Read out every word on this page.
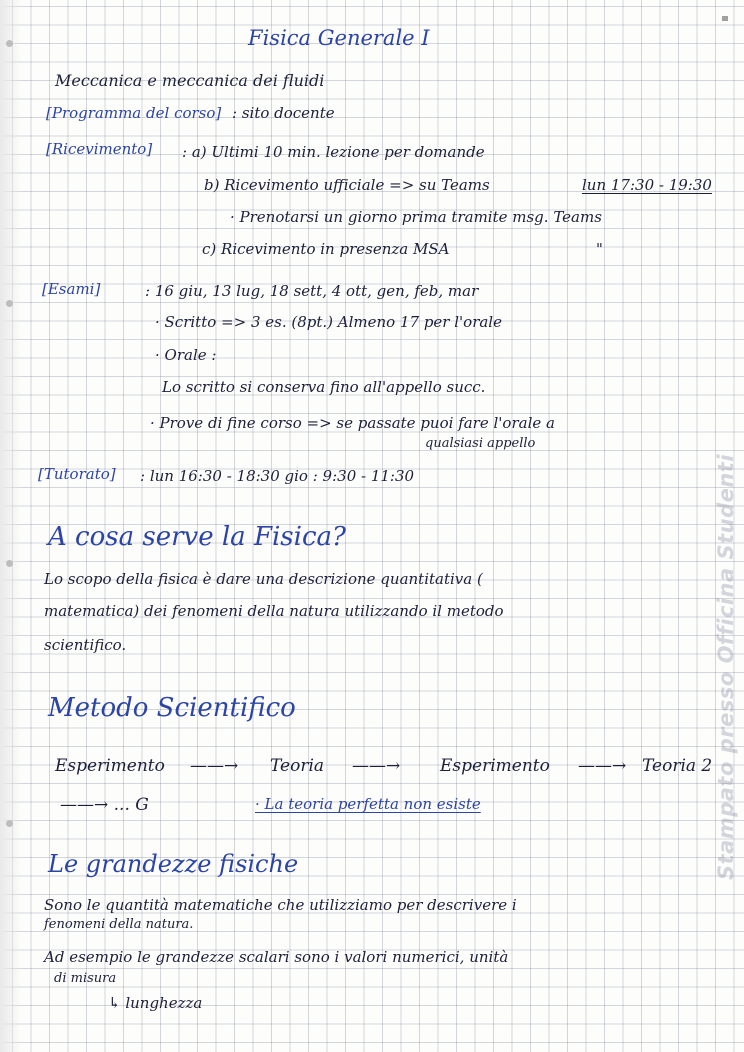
Fisica Generale I

Meccanica e meccanica dei fluidi

[Programma del corso] : sito docente

[Ricevimento] : a) Ultimi 10 min. lezione per domande

b) Ricevimento ufficiale => su Teams	lun 17:30 - 19:30

· Prenotarsi un giorno prima tramite msg. Teams

c) Ricevimento in presenza MSA	"

[Esami]	: 16 giu, 13 lug, 18 sett, 4 ott, gen, feb, mar

· Scritto => 3 es. (8pt.) Almeno 17 per l'orale

· Orale :

Lo scritto si conserva fino all'appello succ.

· Prove di fine corso => se passate puoi fare l'orale a

qualsiasi appello

[Tutorato] : lun 16:30 - 18:30 gio : 9:30 - 11:30

A cosa serve la Fisica?

Lo scopo della fisica è dare una descrizione quantitativa (

matematica) dei fenomeni della natura utilizzando il metodo

scientifico.

Metodo Scientifico

Esperimento ——→ Teoria ——→ Esperimento ——→ Teoria 2

——→ ... G	· La teoria perfetta non esiste

Le grandezze fisiche

Sono le quantità matematiche che utilizziamo per descrivere i

fenomeni della natura.

Ad esempio le grandezze scalari sono i valori numerici, unità

di misura

↳ lunghezza

Stampato presso Officina Studenti
